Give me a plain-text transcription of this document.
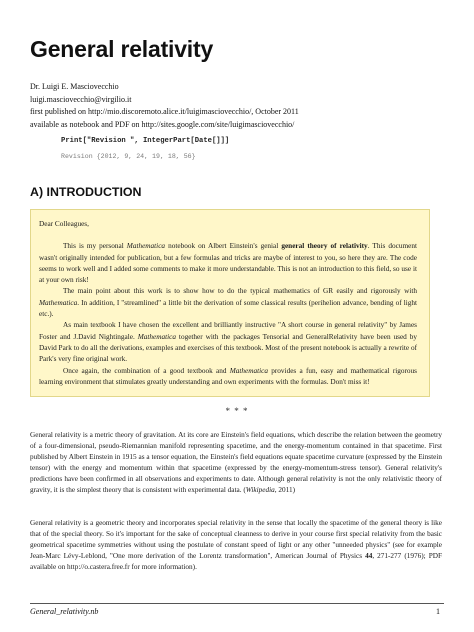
General relativity
Dr. Luigi E. Masciovecchio
luigi.masciovecchio@virgilio.it
first published on http://mio.discoremoto.alice.it/luigimasciovecchio/, October 2011
available as notebook and PDF on http://sites.google.com/site/luigimasciovecchio/
Print["Revision ", IntegerPart[Date[]]]
Revision {2012, 9, 24, 19, 18, 56}
A) INTRODUCTION

Dear Colleagues,

This is my personal Mathematica notebook on Albert Einstein's genial general theory of relativity. This document wasn't originally intended for publication, but a few formulas and tricks are maybe of interest to you, so here they are. The code seems to work well and I added some comments to make it more understandable. This is not an introduction to this field, so use it at your own risk!

The main point about this work is to show how to do the typical mathematics of GR easily and rigorously with Mathematica. In addition, I "streamlined" a little bit the derivation of some classical results (perihelion advance, bending of light etc.).

As main textbook I have chosen the excellent and brilliantly instructive "A short course in general relativity" by James Foster and J.David Nightingale. Mathematica together with the packages Tensorial and GeneralRelativity have been used by David Park to do all the derivations, examples and exercises of this textbook. Most of the present notebook is actually a rewrite of Park's very fine original work.

Once again, the combination of a good textbook and Mathematica provides a fun, easy and mathematical rigorous learning environment that stimulates greatly understanding and own experiments with the formulas. Don't miss it!

* * *
General relativity is a metric theory of gravitation. At its core are Einstein's field equations, which describe the relation between the geometry of a four-dimensional, pseudo-Riemannian manifold representing spacetime, and the energy-momentum contained in that spacetime. First published by Albert Einstein in 1915 as a tensor equation, the Einstein's field equations equate spacetime curvature (expressed by the Einstein tensor) with the energy and momentum within that spacetime (expressed by the energy-momentum-stress tensor). General relativity's predictions have been confirmed in all observations and experiments to date. Although general relativity is not the only relativistic theory of gravity, it is the simplest theory that is consistent with experimental data. (Wikipedia, 2011)
General relativity is a geometric theory and incorporates special relativity in the sense that locally the spacetime of the general theory is like that of the special theory. So it's important for the sake of conceptual cleanness to derive in your course first special relativity from the basic geometrical spacetime symmetries without using the postulate of constant speed of light or any other "unneeded physics" (see for example Jean-Marc Lévy-Leblond, "One more derivation of the Lorentz transformation", American Journal of Physics 44, 271-277 (1976); PDF available on http://o.castera.free.fr for more information).
General_relativity.nb	1
